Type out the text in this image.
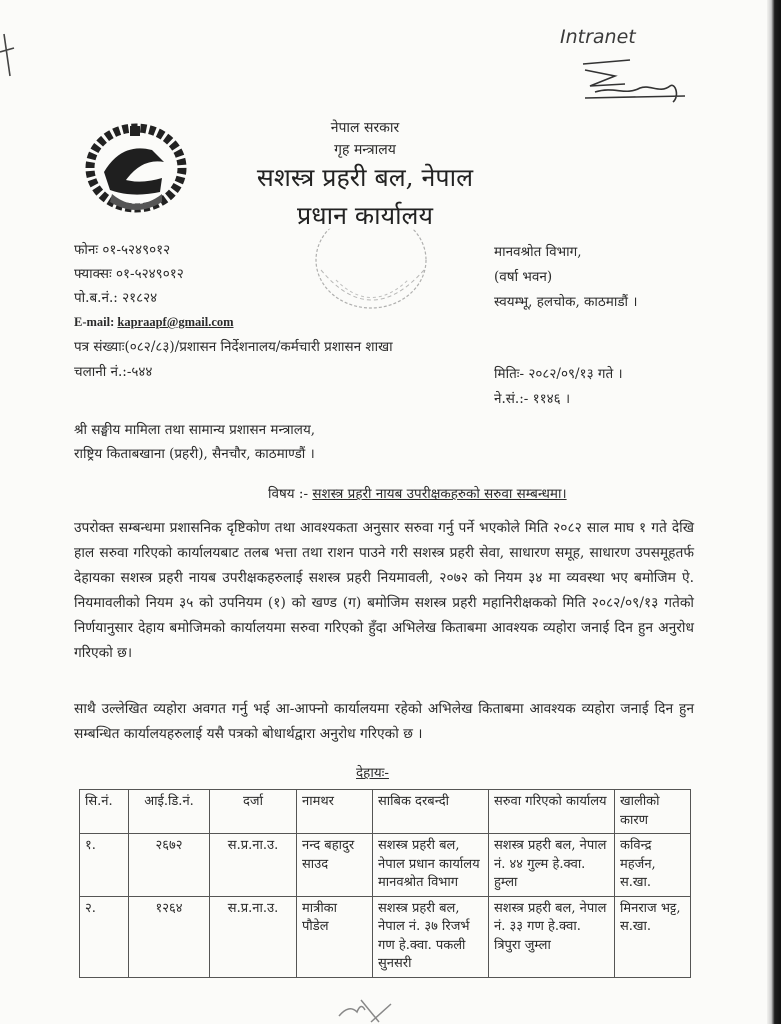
Intranet
नेपाल सरकार
गृह मन्त्रालय
सशस्त्र प्रहरी बल, नेपाल
प्रधान कार्यालय
फोनः ०१-५२४९०१२
फ्याक्सः ०१-५२४९०१२
पो.ब.नं.: २१८२४
E-mail: kapraapf@gmail.com
मानवश्रोत विभाग,
(वर्षा भवन)
स्वयम्भू, हलचोक, काठमाडौं ।
पत्र संख्याः(०८२/८३)/प्रशासन निर्देशनालय/कर्मचारी प्रशासन शाखा
चलानी नं.:-५४४	मितिः- २०८२/०९/१३ गते ।
ने.सं.:- ११४६ ।
श्री सङ्घीय मामिला तथा सामान्य प्रशासन मन्त्रालय,
राष्ट्रिय किताबखाना (प्रहरी), सैनचौर, काठमाण्डौं ।
विषय :- सशस्त्र प्रहरी नायब उपरीक्षकहरुको सरुवा सम्बन्धमा।
उपरोक्त सम्बन्धमा प्रशासनिक दृष्टिकोण तथा आवश्यकता अनुसार सरुवा गर्नु पर्ने भएकोले मिति २०८२ साल माघ १ गते देखि हाल सरुवा गरिएको कार्यालयबाट तलब भत्ता तथा राशन पाउने गरी सशस्त्र प्रहरी सेवा, साधारण समूह, साधारण उपसमूहतर्फ देहायका सशस्त्र प्रहरी नायब उपरीक्षकहरुलाई सशस्त्र प्रहरी नियमावली, २०७२ को नियम ३४ मा व्यवस्था भए बमोजिम ऐ. नियमावलीको नियम ३५ को उपनियम (१) को खण्ड (ग) बमोजिम सशस्त्र प्रहरी महानिरीक्षकको मिति २०८२/०९/१३ गतेको निर्णयानुसार देहाय बमोजिमको कार्यालयमा सरुवा गरिएको हुँदा अभिलेख किताबमा आवश्यक व्यहोरा जनाई दिन हुन अनुरोध गरिएको छ।
साथै उल्लेखित व्यहोरा अवगत गर्नु भई आ-आफ्नो कार्यालयमा रहेको अभिलेख किताबमा आवश्यक व्यहोरा जनाई दिन हुन सम्बन्धित कार्यालयहरुलाई यसै पत्रको बोधार्थद्वारा अनुरोध गरिएको छ ।
देहायः-
सि.नं.	आई.डि.नं.	दर्जा	नामथर	साबिक दरबन्दी	सरुवा गरिएको कार्यालय	खालीको कारण
१.	२६७२	स.प्र.ना.उ.	नन्द बहादुर साउद	सशस्त्र प्रहरी बल, नेपाल प्रधान कार्यालय मानवश्रोत विभाग	सशस्त्र प्रहरी बल, नेपाल नं. ४४ गुल्म हे.क्वा. हुम्ला	कविन्द्र महर्जन, स.खा.
२.	१२६४	स.प्र.ना.उ.	मात्रीका पौडेल	सशस्त्र प्रहरी बल, नेपाल नं. ३७ रिजर्भ गण हे.क्वा. पकली सुनसरी	सशस्त्र प्रहरी बल, नेपाल नं. ३३ गण हे.क्वा. त्रिपुरा जुम्ला	मिनराज भट्ट, स.खा.
